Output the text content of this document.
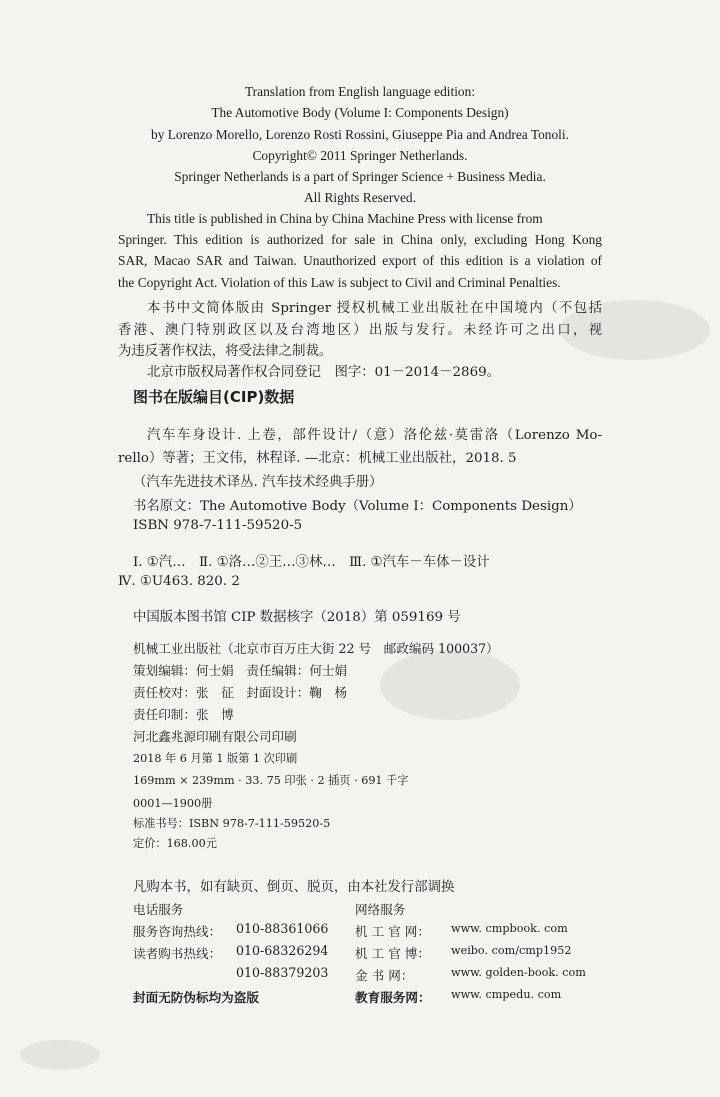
Translation from English language edition:
The Automotive Body (Volume I: Components Design)
by Lorenzo Morello, Lorenzo Rosti Rossini, Giuseppe Pia and Andrea Tonoli.
Copyright© 2011 Springer Netherlands.
Springer Netherlands is a part of Springer Science + Business Media.
All Rights Reserved.
This title is published in China by China Machine Press with license from
Springer. This edition is authorized for sale in China only, excluding Hong Kong
SAR, Macao SAR and Taiwan. Unauthorized export of this edition is a violation of
the Copyright Act. Violation of this Law is subject to Civil and Criminal Penalties.
本书中文简体版由 Springer 授权机械工业出版社在中国境内（不包括
香港、澳门特别政区以及台湾地区）出版与发行。未经许可之出口，视
为违反著作权法，将受法律之制裁。
北京市版权局著作权合同登记　图字：01－2014－2869。
图书在版编目(CIP)数据
汽车车身设计. 上卷，部件设计/（意）洛伦兹·莫雷洛（Lorenzo Mo-
rello）等著；王文伟，林程译. —北京：机械工业出版社，2018. 5
（汽车先进技术译丛. 汽车技术经典手册）
书名原文：The Automotive Body（Volume Ⅰ：Components Design）
ISBN 978-7-111-59520-5
Ⅰ. ①汽…　Ⅱ. ①洛…②王…③林…　Ⅲ. ①汽车－车体－设计
Ⅳ. ①U463. 820. 2
中国版本图书馆 CIP 数据核字（2018）第 059169 号
机械工业出版社（北京市百万庄大街 22 号　邮政编码 100037）
策划编辑：何士娟　责任编辑：何士娟
责任校对：张　征　封面设计：鞠　杨
责任印制：张　博
河北鑫兆源印刷有限公司印刷
2018 年 6 月第 1 版第 1 次印刷
169mm × 239mm · 33. 75 印张 · 2 插页 · 691 千字
0001—1900册
标准书号：ISBN 978-7-111-59520-5
定价：168.00元
凡购本书，如有缺页、倒页、脱页，由本社发行部调换
电话服务	网络服务
服务咨询热线： 010-88361066 机 工 官 网： www. cmpbook. com
读者购书热线： 010-68326294 机 工 官 博： weibo. com/cmp1952
010-88379203 金 书 网：	www. golden-book. com
封面无防伪标均为盗版	教育服务网： www. cmpedu. com
